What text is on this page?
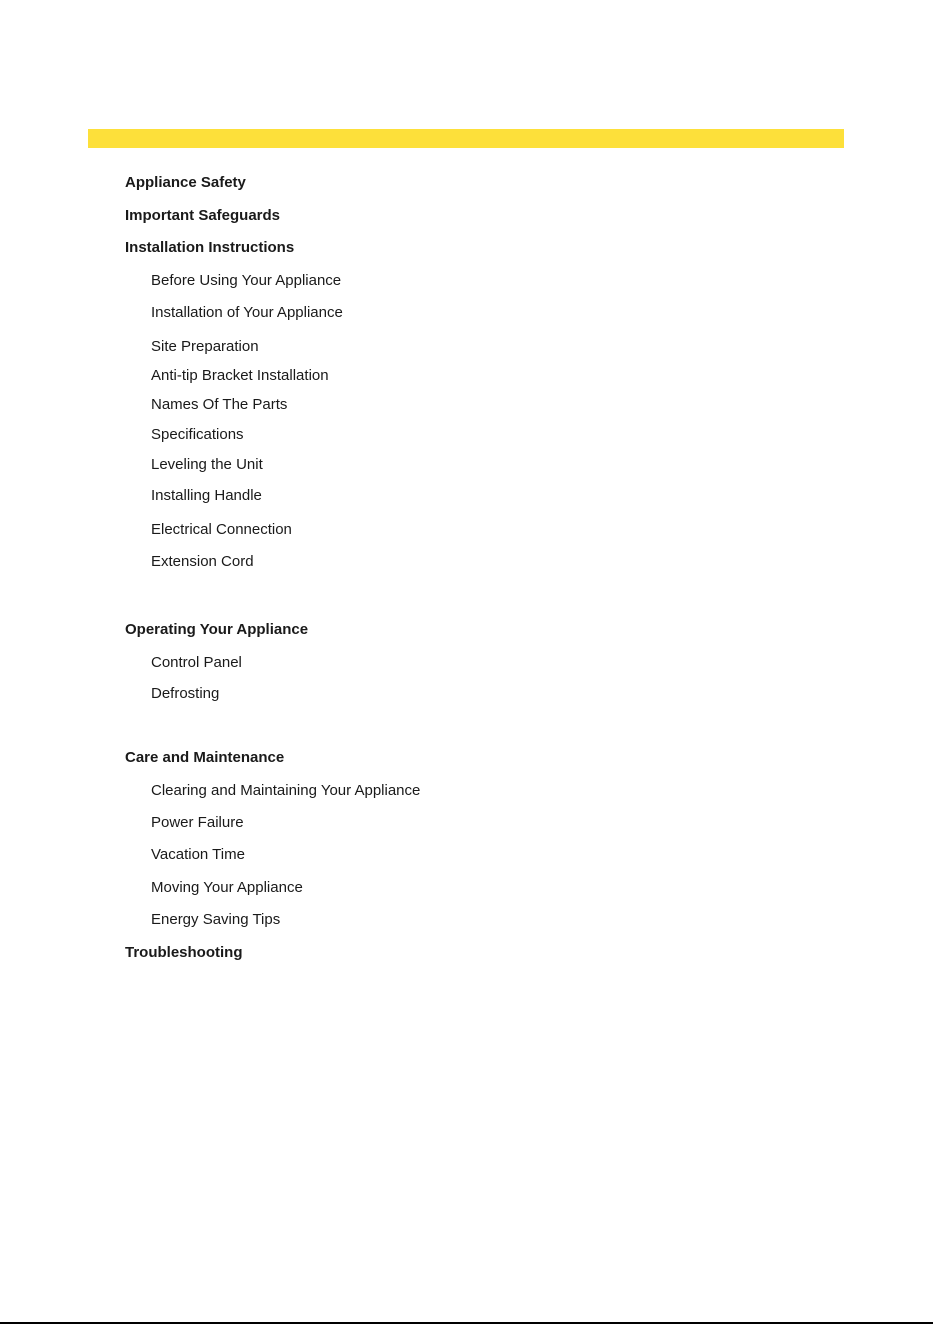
Appliance Safety
Important Safeguards
Installation Instructions
Before Using Your Appliance
Installation of Your Appliance
Site Preparation
Anti-tip Bracket Installation
Names Of The Parts
Specifications
Leveling the Unit
Installing Handle
Electrical Connection
Extension Cord
Operating Your Appliance
Control Panel
Defrosting
Care and Maintenance
Clearing and Maintaining Your Appliance
Power Failure
Vacation Time
Moving Your Appliance
Energy Saving Tips
Troubleshooting
